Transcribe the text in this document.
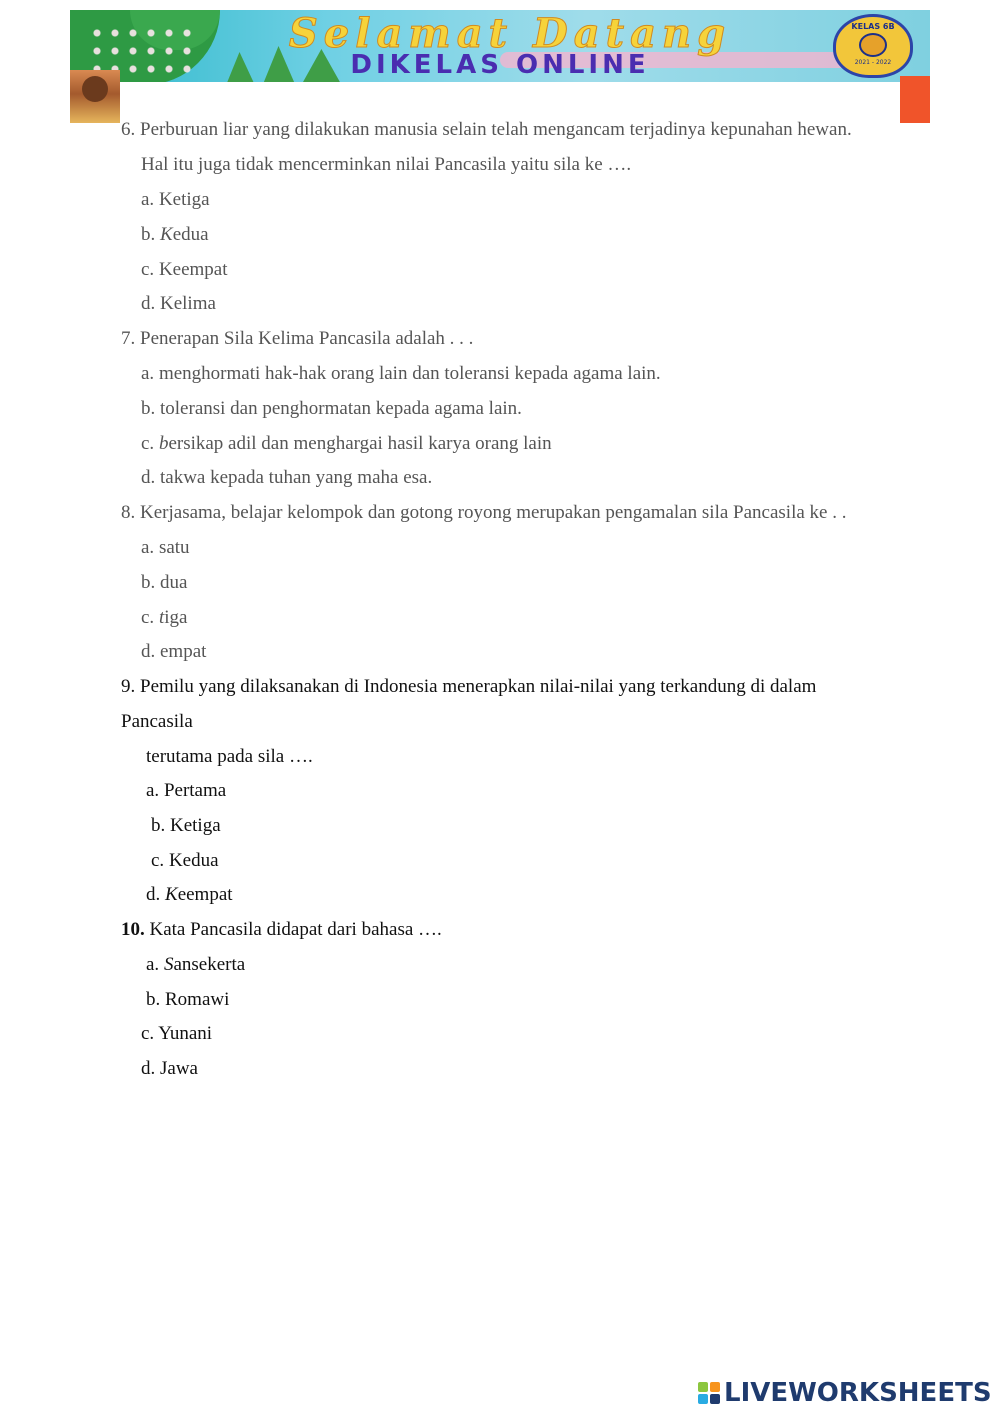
Selamat Datang
DIKELAS ONLINE
KELAS 6B
2021 - 2022

6. Perburuan liar yang dilakukan manusia selain telah mengancam terjadinya kepunahan hewan.

Hal itu juga tidak mencerminkan nilai Pancasila yaitu sila ke ….

a. Ketiga

b. Kedua

c. Keempat

d. Kelima

7. Penerapan Sila Kelima Pancasila adalah . . .

a. menghormati hak-hak orang lain dan toleransi kepada agama lain.

b. toleransi dan penghormatan kepada agama lain.

c. bersikap adil dan menghargai hasil karya orang lain

d. takwa kepada tuhan yang maha esa.

8. Kerjasama, belajar kelompok dan gotong royong merupakan pengamalan sila Pancasila ke . .

a. satu

b. dua

c. tiga

d. empat

9. Pemilu yang dilaksanakan di Indonesia menerapkan nilai-nilai yang terkandung di dalam

Pancasila

terutama pada sila ….

a. Pertama

b. Ketiga

c. Kedua

d. Keempat

10. Kata Pancasila didapat dari bahasa ….

a. Sansekerta

b. Romawi

c. Yunani

d. Jawa

LIVEWORKSHEETS
